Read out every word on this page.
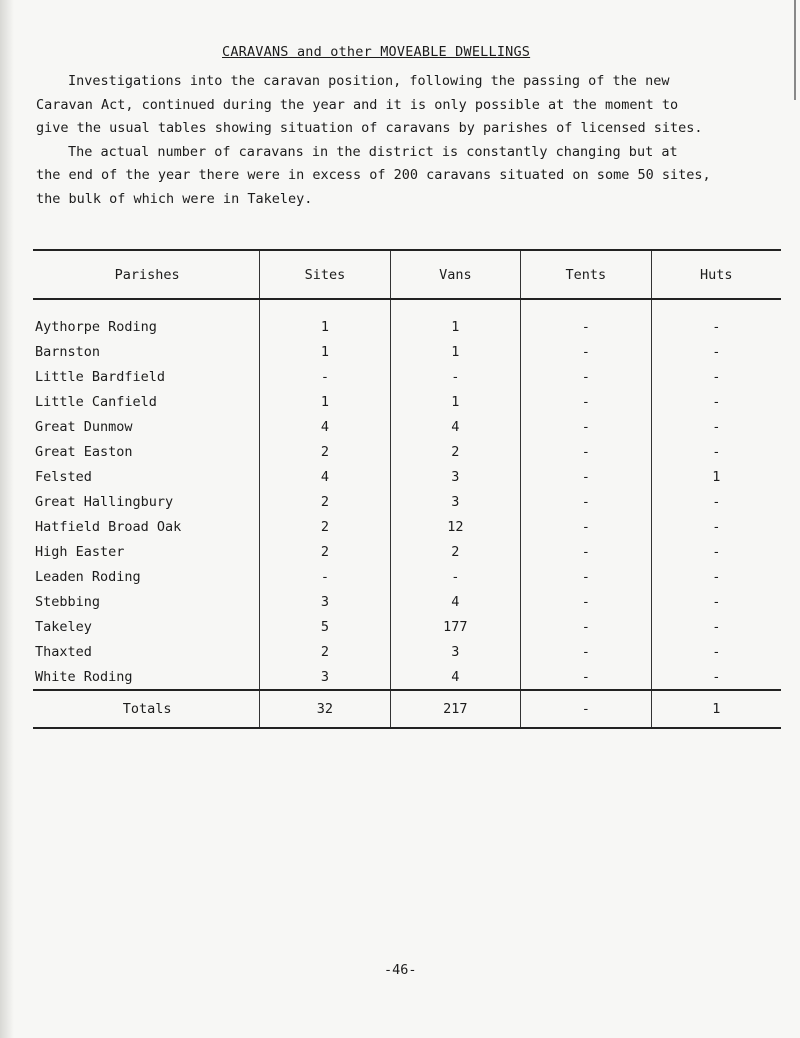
CARAVANS and other MOVEABLE DWELLINGS

Investigations into the caravan position, following the passing of the new

Caravan Act, continued during the year and it is only possible at the moment to

give the usual tables showing situation of caravans by parishes of licensed sites.

The actual number of caravans in the district is constantly changing but at

the end of the year there were in excess of 200 caravans situated on some 50 sites,

the bulk of which were in Takeley.

Parishes	Sites	Vans	Tents	Huts
Aythorpe Roding	1	1	-	-
Barnston	1	1	-	-
Little Bardfield	-	-	-	-
Little Canfield	1	1	-	-
Great Dunmow	4	4	-	-
Great Easton	2	2	-	-
Felsted	4	3	-	1
Great Hallingbury	2	3	-	-
Hatfield Broad Oak	2	12	-	-
High Easter	2	2	-	-
Leaden Roding	-	-	-	-
Stebbing	3	4	-	-
Takeley	5	177	-	-
Thaxted	2	3	-	-
White Roding	3	4	-	-
Totals	32	217	-	1
-46-
